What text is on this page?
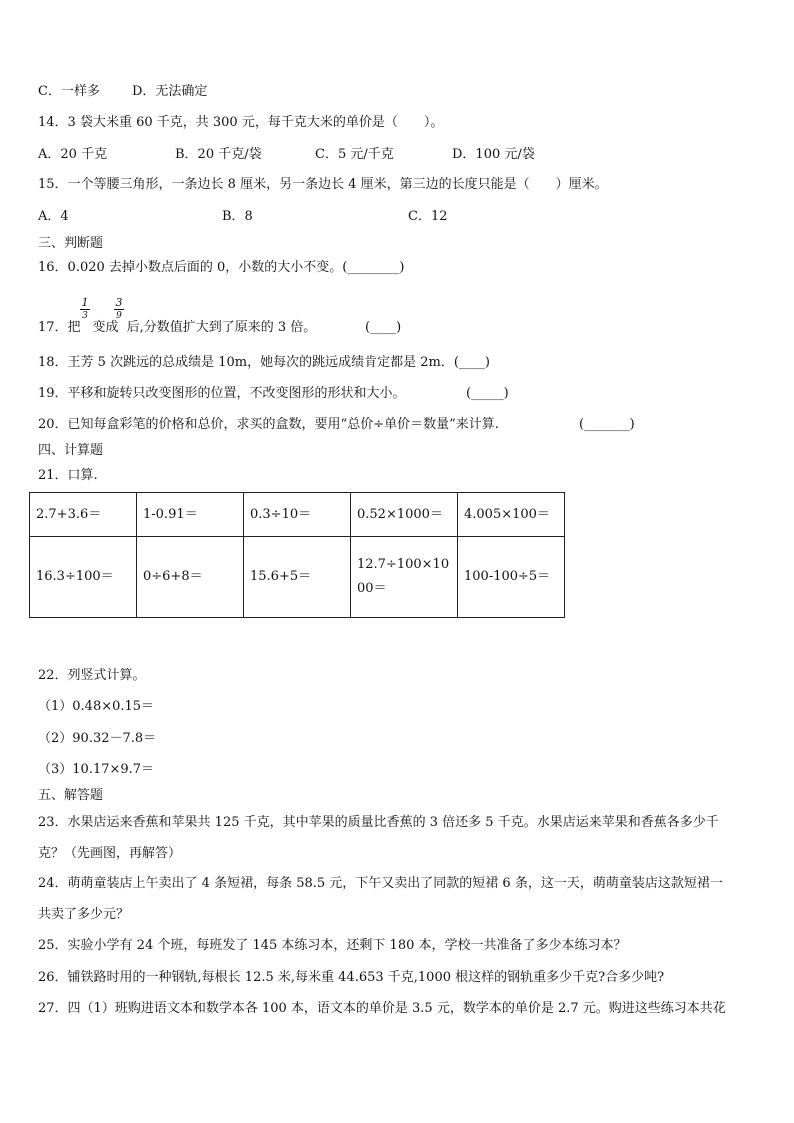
C．一样多 D．无法确定
14．3 袋大米重 60 千克，共 300 元，每千克大米的单价是（　　）。
A．20 千克	B．20 千克/袋	C．5 元/千克	D．100 元/袋
15．一个等腰三角形，一条边长 8 厘米，另一条边长 4 厘米，第三边的长度只能是（　　）厘米。
A．4	B．8	C．12
三、判断题
16．0.020 去掉小数点后面的 0，小数的大小不变。(________)
1
3
3
9
17．把 变成 后,分数值扩大到了原来的 3 倍。	(____)
18．王芳 5 次跳远的总成绩是 10m，她每次的跳远成绩肯定都是 2m．(____)
19．平移和旋转只改变图形的位置，不改变图形的形状和大小。	(_____)
20．已知每盒彩笔的价格和总价，求买的盒数，要用“总价÷单价＝数量”来计算.	(_______)
四、计算题
21．口算.
2.7+3.6＝	1-0.91＝	0.3÷10＝	0.52×1000＝	4.005×100＝
16.3÷100＝	0÷6+8＝	15.6+5＝	12.7÷100×1000＝	100-100÷5＝
22．列竖式计算。
（1）0.48×0.15＝
（2）90.32－7.8＝
（3）10.17×9.7＝
五、解答题
23．水果店运来香蕉和苹果共 125 千克，其中苹果的质量比香蕉的 3 倍还多 5 千克。水果店运来苹果和香蕉各多少千
克？（先画图，再解答）
24．萌萌童装店上午卖出了 4 条短裙，每条 58.5 元，下午又卖出了同款的短裙 6 条，这一天，萌萌童装店这款短裙一
共卖了多少元？
25．实验小学有 24 个班，每班发了 145 本练习本，还剩下 180 本，学校一共准备了多少本练习本？
26．铺铁路时用的一种钢轨,每根长 12.5 米,每米重 44.653 千克,1000 根这样的钢轨重多少千克?合多少吨?
27．四（1）班购进语文本和数学本各 100 本，语文本的单价是 3.5 元，数学本的单价是 2.7 元。购进这些练习本共花
